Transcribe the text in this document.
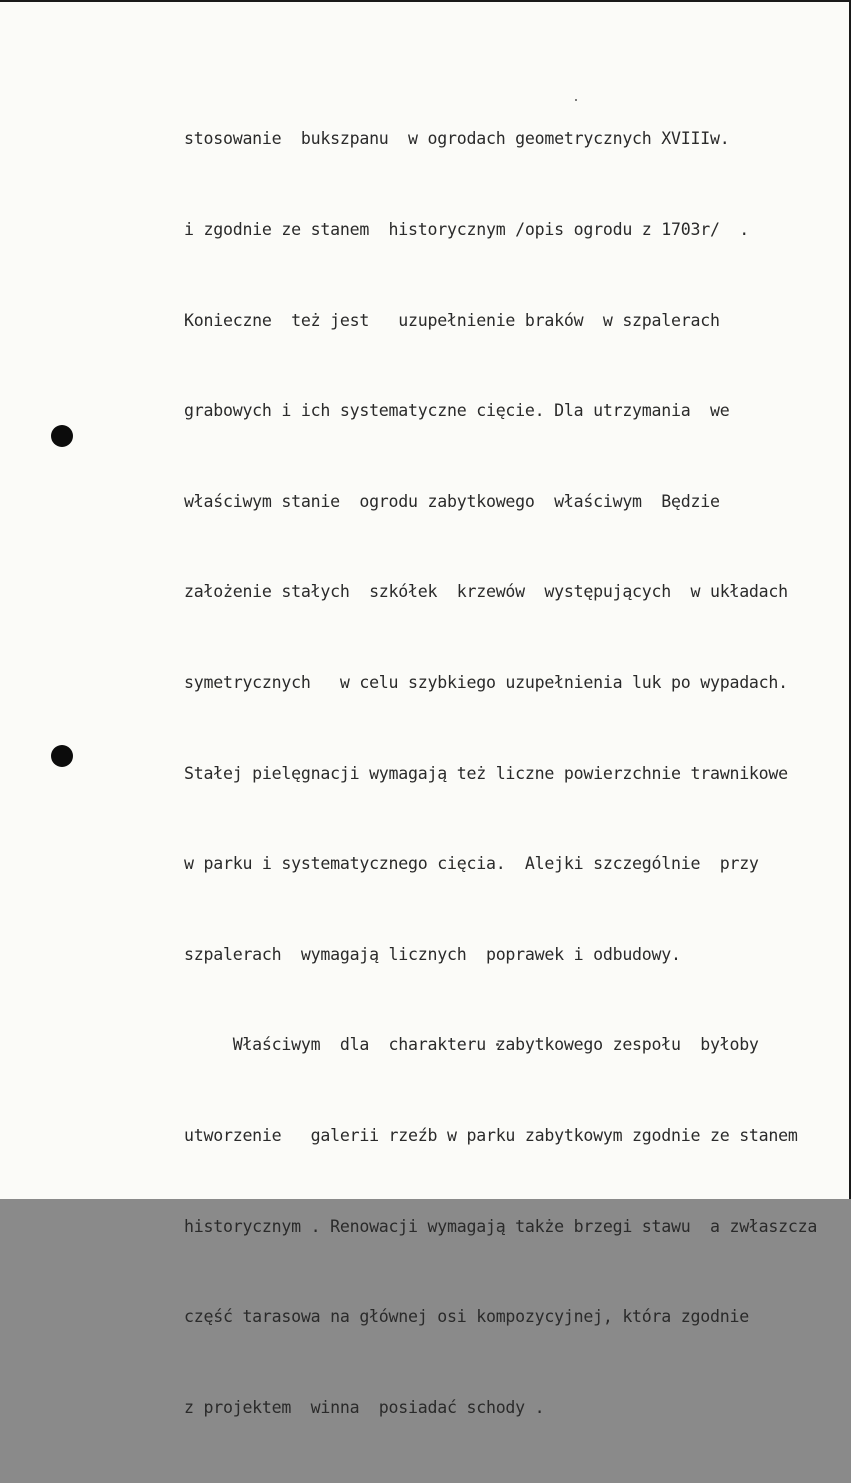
stosowanie  bukszpanu  w ogrodach geometrycznych XVIIIw.

i zgodnie ze stanem  historycznym /opis ogrodu z 1703r/  .

Konieczne  też jest   uzupełnienie braków  w szpalerach

grabowych i ich systematyczne cięcie. Dla utrzymania  we

właściwym stanie  ogrodu zabytkowego  właściwym  Będzie

założenie stałych  szkółek  krzewów  występujących  w układach

symetrycznych   w celu szybkiego uzupełnienia luk po wypadach.

Stałej pielęgnacji wymagają też liczne powierzchnie trawnikowe

w parku i systematycznego cięcia.  Alejki szczególnie  przy

szpalerach  wymagają licznych  poprawek i odbudowy.

Właściwym  dla  charakteru zabytkowego zespołu  byłoby

utworzenie   galerii rzeźb w parku zabytkowym zgodnie ze stanem

historycznym . Renowacji wymagają także brzegi stawu  a zwłaszcza

część tarasowa na głównej osi kompozycyjnej, która zgodnie

z projektem  winna  posiadać schody .
